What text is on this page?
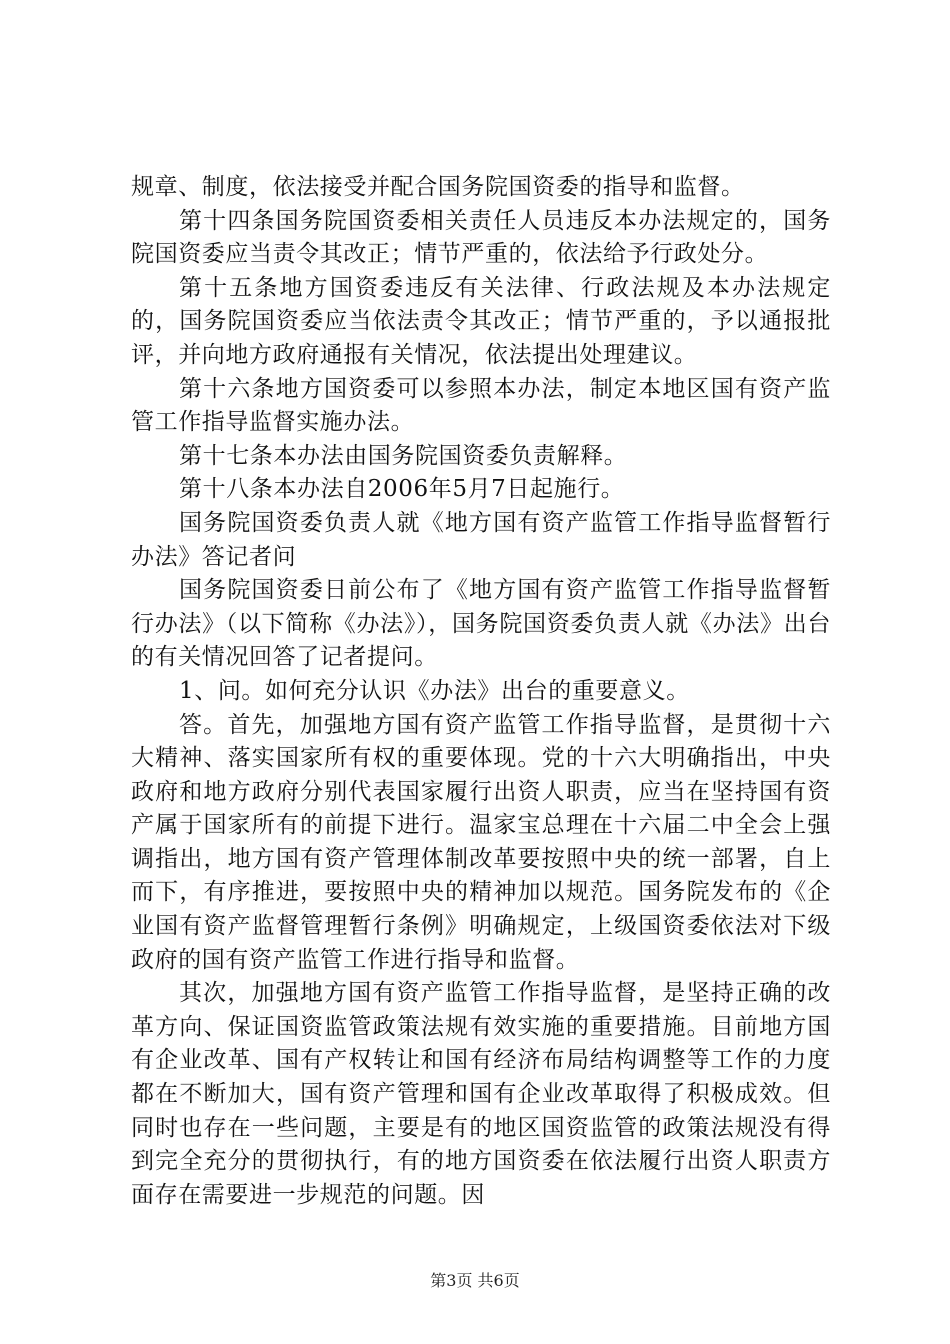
规章、制度，依法接受并配合国务院国资委的指导和监督。

第十四条国务院国资委相关责任人员违反本办法规定的，国务院国资委应当责令其改正；情节严重的，依法给予行政处分。

第十五条地方国资委违反有关法律、行政法规及本办法规定的，国务院国资委应当依法责令其改正；情节严重的，予以通报批评，并向地方政府通报有关情况，依法提出处理建议。

第十六条地方国资委可以参照本办法，制定本地区国有资产监管工作指导监督实施办法。

第十七条本办法由国务院国资委负责解释。

第十八条本办法自2006年5月7日起施行。

国务院国资委负责人就《地方国有资产监管工作指导监督暂行办法》答记者问

国务院国资委日前公布了《地方国有资产监管工作指导监督暂行办法》（以下简称《办法》），国务院国资委负责人就《办法》出台的有关情况回答了记者提问。

1、问。如何充分认识《办法》出台的重要意义。

答。首先，加强地方国有资产监管工作指导监督，是贯彻十六大精神、落实国家所有权的重要体现。党的十六大明确指出，中央政府和地方政府分别代表国家履行出资人职责，应当在坚持国有资产属于国家所有的前提下进行。温家宝总理在十六届二中全会上强调指出，地方国有资产管理体制改革要按照中央的统一部署，自上而下，有序推进，要按照中央的精神加以规范。国务院发布的《企业国有资产监督管理暂行条例》明确规定，上级国资委依法对下级政府的国有资产监管工作进行指导和监督。

其次，加强地方国有资产监管工作指导监督，是坚持正确的改革方向、保证国资监管政策法规有效实施的重要措施。目前地方国有企业改革、国有产权转让和国有经济布局结构调整等工作的力度都在不断加大，国有资产管理和国有企业改革取得了积极成效。但同时也存在一些问题，主要是有的地区国资监管的政策法规没有得到完全充分的贯彻执行，有的地方国资委在依法履行出资人职责方面存在需要进一步规范的问题。因

第3页 共6页
